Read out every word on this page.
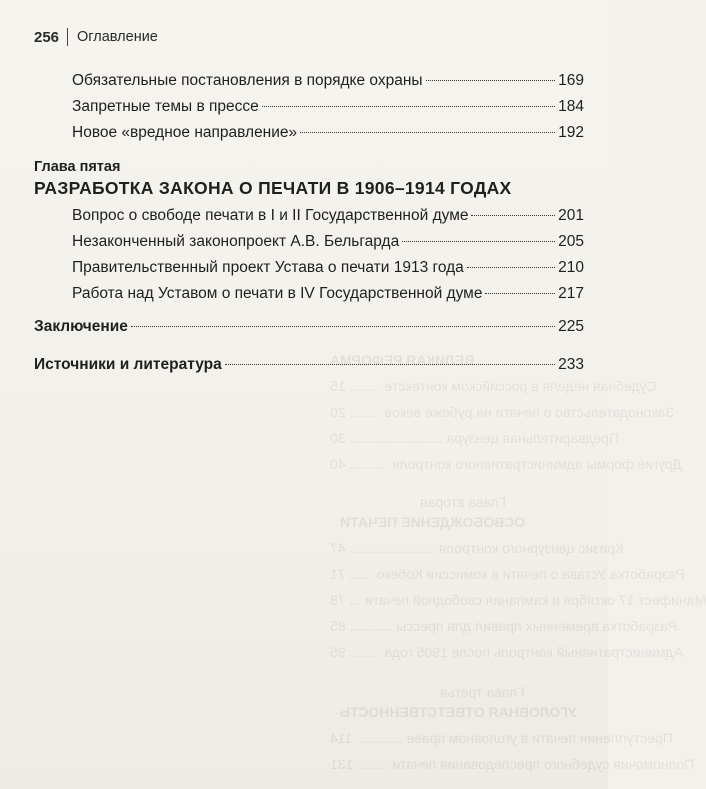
ВЕЛИКАЯ РЕФОРМА
Судебная неделя в российском контексте ........ 15
Законодательство о печати на рубеже веков ........ 20
Предварительная цензура ........................ 30
Другие формы административного контроля .......... 40
Глава вторая
ОСВОБОЖДЕНИЕ ПЕЧАТИ
Кризис цензурного контроля ...................... 47
Разработка Устава о печати в комиссии Кобеко ...... 71
Манифест 17 октября и кампания свободной печати ... 78
Разработка временных правил для прессы ........... 85
Административный контроль после 1905 года ........ 95
Глава третья
УГОЛОВНАЯ ОТВЕТСТВЕННОСТЬ
Преступления печати в уголовном праве ............ 114
Полномочия судебного преследования печати ........ 131
256 Оглавление
Обязательные постановления в порядке охраны	169
Запретные темы в прессе	184
Новое «вредное направление»	192
Глава пятая
РАЗРАБОТКА ЗАКОНА О ПЕЧАТИ В 1906–1914 ГОДАХ
Вопрос о свободе печати в I и II Государственной думе	201
Незаконченный законопроект А.В. Бельгарда	205
Правительственный проект Устава о печати 1913 года	210
Работа над Уставом о печати в IV Государственной думе	217
Заключение	225
Источники и литература	233
